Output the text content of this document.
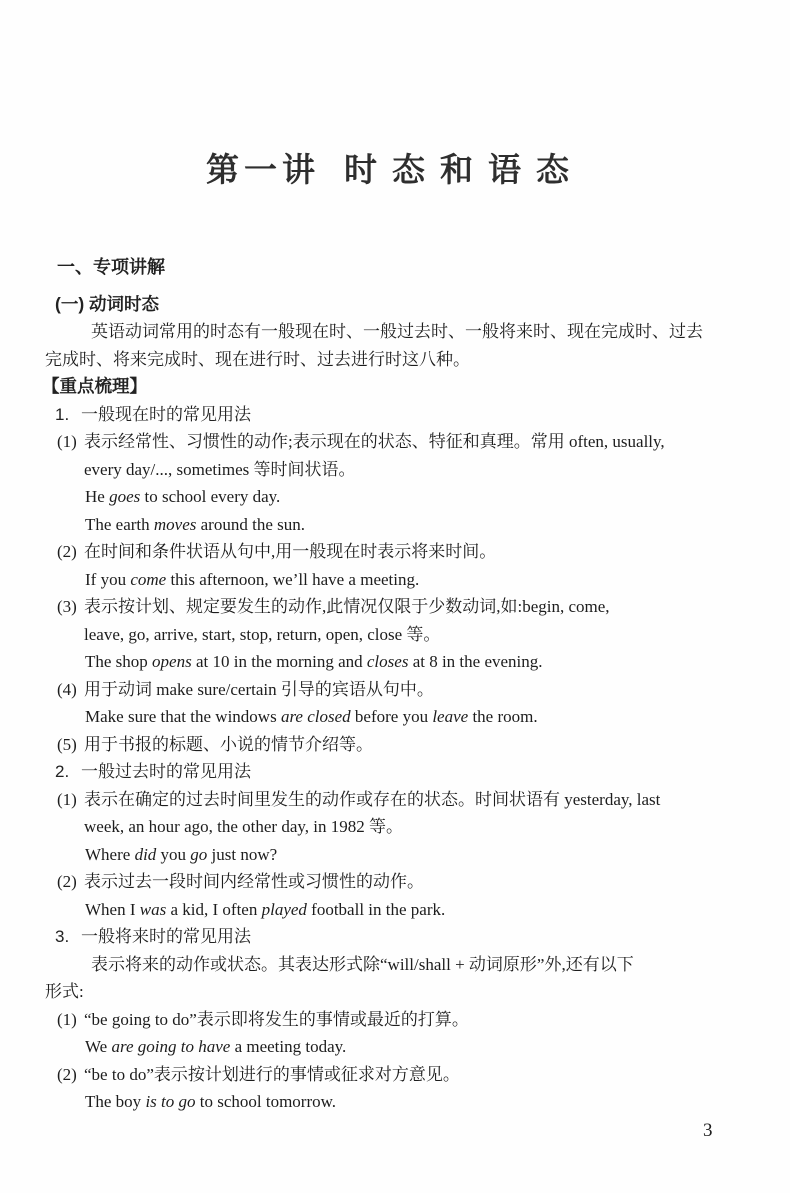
第一讲 时态和语态
一、专项讲解
(一) 动词时态
英语动词常用的时态有一般现在时、一般过去时、一般将来时、现在完成时、过去
完成时、将来完成时、现在进行时、过去进行时这八种。
【重点梳理】
1. 一般现在时的常见用法
(1) 表示经常性、习惯性的动作;表示现在的状态、特征和真理。常用 often, usually,
every day/..., sometimes 等时间状语。
He goes to school every day.
The earth moves around the sun.
(2) 在时间和条件状语从句中,用一般现在时表示将来时间。
If you come this afternoon, we’ll have a meeting.
(3) 表示按计划、规定要发生的动作,此情况仅限于少数动词,如:begin, come,
leave, go, arrive, start, stop, return, open, close 等。
The shop opens at 10 in the morning and closes at 8 in the evening.
(4) 用于动词 make sure/certain 引导的宾语从句中。
Make sure that the windows are closed before you leave the room.
(5) 用于书报的标题、小说的情节介绍等。
2. 一般过去时的常见用法
(1) 表示在确定的过去时间里发生的动作或存在的状态。时间状语有 yesterday, last
week, an hour ago, the other day, in 1982 等。
Where did you go just now?
(2) 表示过去一段时间内经常性或习惯性的动作。
When I was a kid, I often played football in the park.
3. 一般将来时的常见用法
表示将来的动作或状态。其表达形式除“will/shall + 动词原形”外,还有以下
形式:
(1) “be going to do”表示即将发生的事情或最近的打算。
We are going to have a meeting today.
(2) “be to do”表示按计划进行的事情或征求对方意见。
The boy is to go to school tomorrow.
3
